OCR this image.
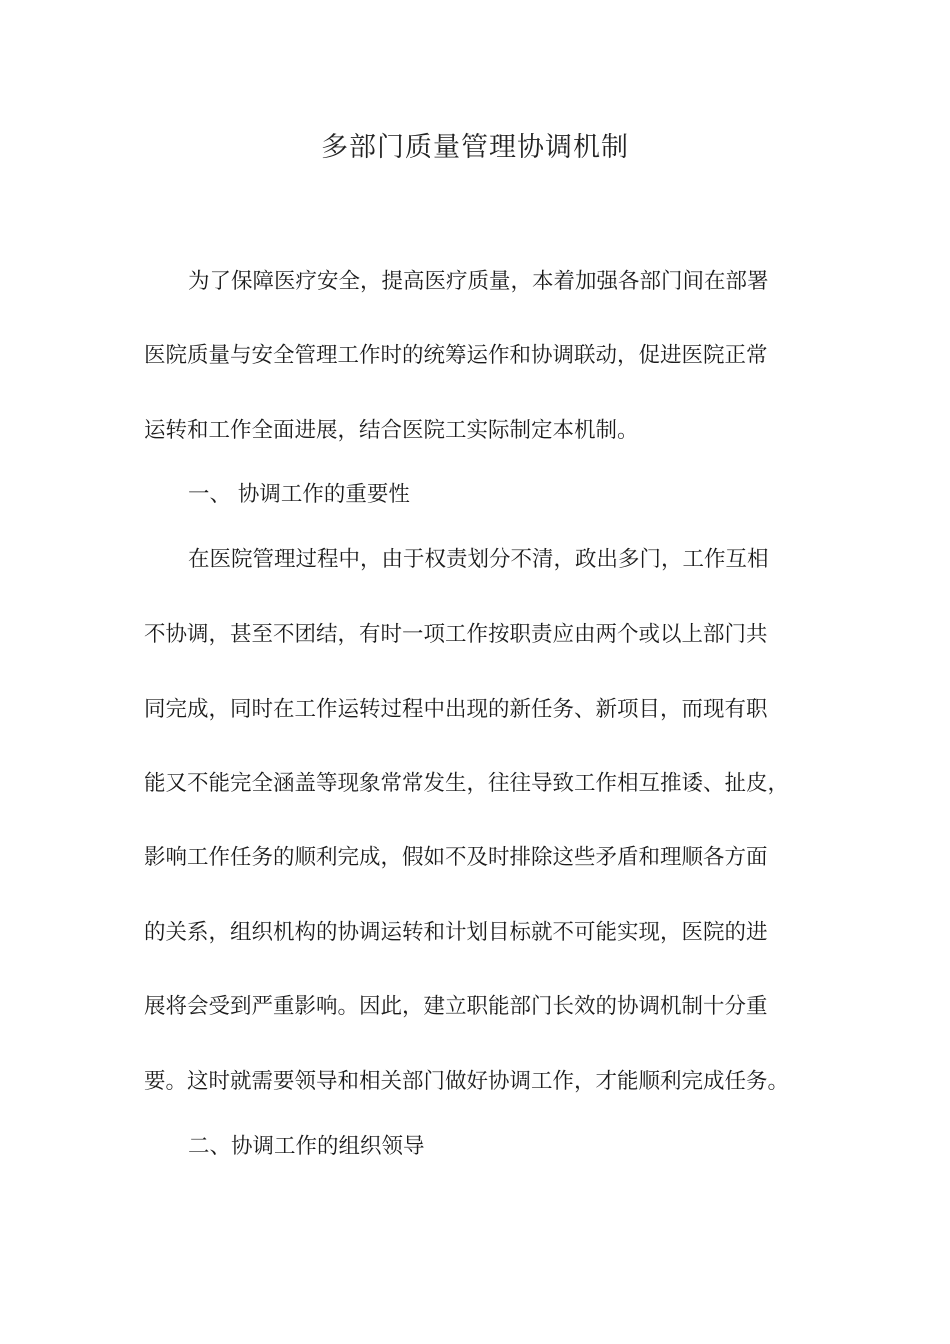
多部门质量管理协调机制
为了保障医疗安全，提高医疗质量，本着加强各部门间在部署
医院质量与安全管理工作时的统筹运作和协调联动，促进医院正常
运转和工作全面进展，结合医院工实际制定本机制。
一、 协调工作的重要性
在医院管理过程中，由于权责划分不清，政出多门，工作互相
不协调，甚至不团结，有时一项工作按职责应由两个或以上部门共
同完成，同时在工作运转过程中出现的新任务、新项目，而现有职
能又不能完全涵盖等现象常常发生，往往导致工作相互推诿、扯皮，
影响工作任务的顺利完成，假如不及时排除这些矛盾和理顺各方面
的关系，组织机构的协调运转和计划目标就不可能实现，医院的进
展将会受到严重影响。因此，建立职能部门长效的协调机制十分重
要。这时就需要领导和相关部门做好协调工作，才能顺利完成任务。
二、协调工作的组织领导
